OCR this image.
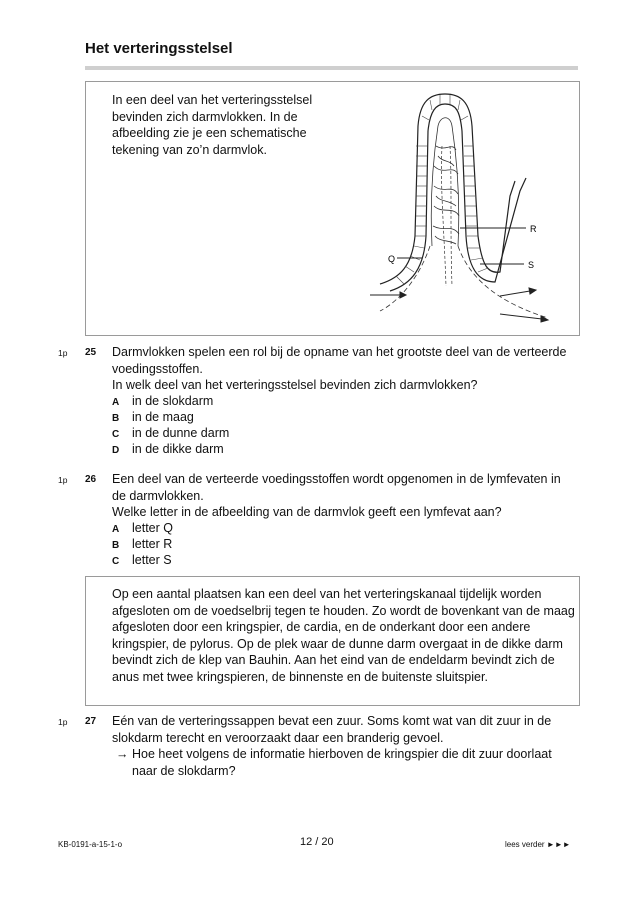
Het verteringsstelsel
In een deel van het verteringsstelsel bevinden zich darmvlokken. In de afbeelding zie je een schematische tekening van zo’n darmvlok.
Q
R
S
1p 25 Darmvlokken spelen een rol bij de opname van het grootste deel van de verteerde voedingsstoffen.
In welk deel van het verteringsstelsel bevinden zich darmvlokken?
A in de slokdarm
B in de maag
C in de dunne darm
D in de dikke darm
1p 26 Een deel van de verteerde voedingsstoffen wordt opgenomen in de lymfevaten in de darmvlokken.
Welke letter in de afbeelding van de darmvlok geeft een lymfevat aan?
A letter Q
B letter R
C letter S
Op een aantal plaatsen kan een deel van het verteringskanaal tijdelijk worden afgesloten om de voedselbrij tegen te houden. Zo wordt de bovenkant van de maag afgesloten door een kringspier, de cardia, en de onderkant door een andere kringspier, de pylorus. Op de plek waar de dunne darm overgaat in de dikke darm bevindt zich de klep van Bauhin. Aan het eind van de endeldarm bevindt zich de anus met twee kringspieren, de binnenste en de buitenste sluitspier.
1p 27 Eén van de verteringssappen bevat een zuur. Soms komt wat van dit zuur in de slokdarm terecht en veroorzaakt daar een branderig gevoel.
→ Hoe heet volgens de informatie hierboven de kringspier die dit zuur doorlaat naar de slokdarm?
KB-0191-a-15-1-o	12 / 20	lees verder ►►►
